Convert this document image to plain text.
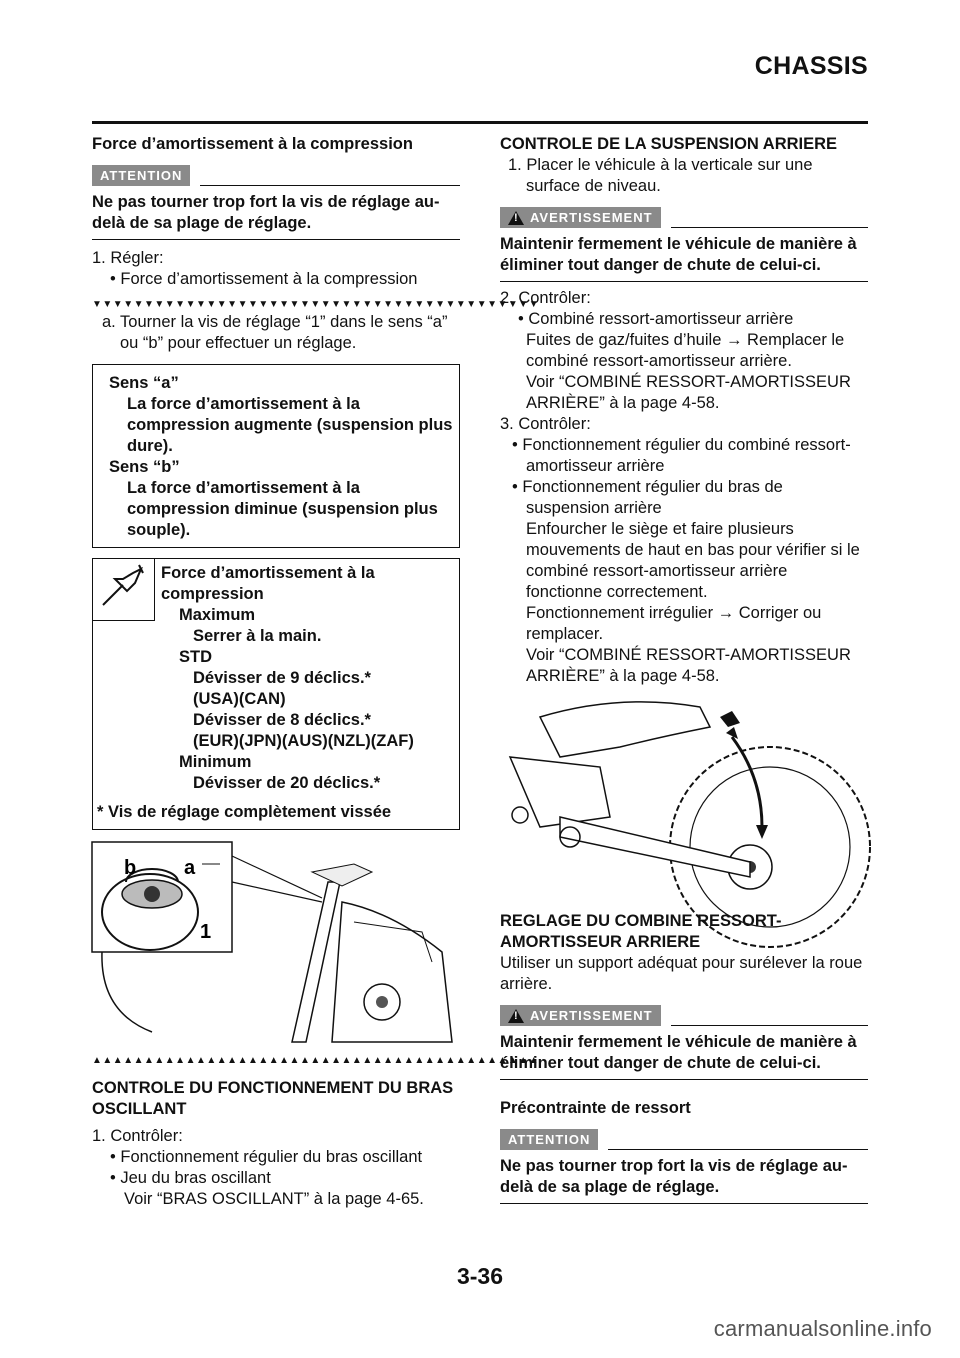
CHASSIS
Force d’amortissement à la compression
ATTENTION
Ne pas tourner trop fort la vis de réglage au-delà de sa plage de réglage.
1. Régler:
• Force d’amortissement à la compression
▼▼▼▼▼▼▼▼▼▼▼▼▼▼▼▼▼▼▼▼▼▼▼▼▼▼▼▼▼▼▼▼▼▼▼▼▼▼▼▼▼▼▼
a. Tourner la vis de réglage “1” dans le sens “a” ou “b” pour effectuer un réglage.
Sens “a”
La force d’amortissement à la compression augmente (suspension plus dure).
Sens “b”
La force d’amortissement à la compression diminue (suspension plus souple).
Force d’amortissement à la compression
Maximum
Serrer à la main.
STD
Dévisser de 9 déclics.*
(USA)(CAN)
Dévisser de 8 déclics.*
(EUR)(JPN)(AUS)(NZL)(ZAF)
Minimum
Dévisser de 20 déclics.*
* Vis de réglage complètement vissée
b a
1
▲▲▲▲▲▲▲▲▲▲▲▲▲▲▲▲▲▲▲▲▲▲▲▲▲▲▲▲▲▲▲▲▲▲▲▲▲▲▲▲▲▲▲
CONTROLE DU FONCTIONNEMENT DU BRAS OSCILLANT
1. Contrôler:
• Fonctionnement régulier du bras oscillant
• Jeu du bras oscillant
Voir “BRAS OSCILLANT” à la page 4-65.
CONTROLE DE LA SUSPENSION ARRIERE
1. Placer le véhicule à la verticale sur une surface de niveau.
! AVERTISSEMENT
Maintenir fermement le véhicule de manière à éliminer tout danger de chute de celui-ci.
2. Contrôler:
• Combiné ressort-amortisseur arrière
Fuites de gaz/fuites d’huile → Remplacer le combiné ressort-amortisseur arrière.
Voir “COMBINÉ RESSORT-AMORTISSEUR ARRIÈRE” à la page 4-58.
3. Contrôler:
• Fonctionnement régulier du combiné ressort-amortisseur arrière
• Fonctionnement régulier du bras de suspension arrière
Enfourcher le siège et faire plusieurs mouvements de haut en bas pour vérifier si le combiné ressort-amortisseur arrière fonctionne correctement.
Fonctionnement irrégulier → Corriger ou remplacer.
Voir “COMBINÉ RESSORT-AMORTISSEUR ARRIÈRE” à la page 4-58.
REGLAGE DU COMBINE RESSORT-AMORTISSEUR ARRIERE
Utiliser un support adéquat pour surélever la roue arrière.
! AVERTISSEMENT
Maintenir fermement le véhicule de manière à éliminer tout danger de chute de celui-ci.
Précontrainte de ressort
ATTENTION
Ne pas tourner trop fort la vis de réglage au-delà de sa plage de réglage.
3-36
carmanualsonline.info
